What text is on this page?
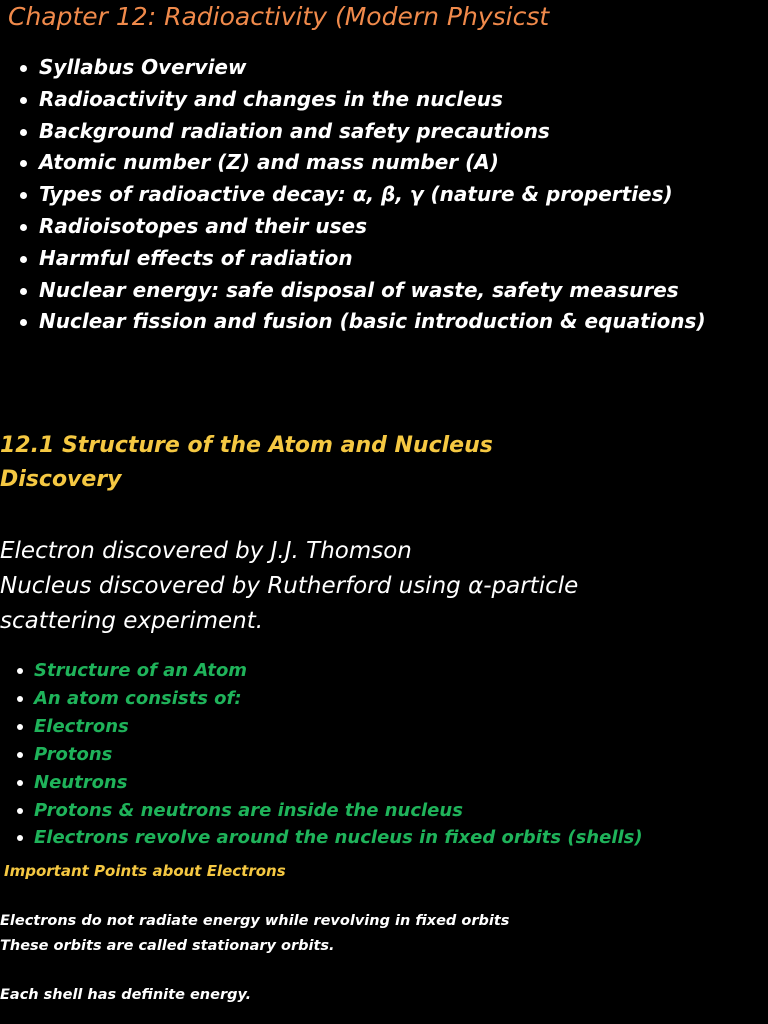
Chapter 12: Radioactivity (Modern Physicst
Syllabus Overview
Radioactivity and changes in the nucleus
Background radiation and safety precautions
Atomic number (Z) and mass number (A)
Types of radioactive decay: α, β, γ (nature & properties)
Radioisotopes and their uses
Harmful effects of radiation
Nuclear energy: safe disposal of waste, safety measures
Nuclear fission and fusion (basic introduction & equations)
12.1 Structure of the Atom and Nucleus
Discovery
Electron discovered by J.J. Thomson
Nucleus discovered by Rutherford using α-particle
scattering experiment.
Structure of an Atom
An atom consists of:
Electrons
Protons
Neutrons
Protons & neutrons are inside the nucleus
Electrons revolve around the nucleus in fixed orbits (shells)
Important Points about Electrons
Electrons do not radiate energy while revolving in fixed orbits
These orbits are called stationary orbits.
Each shell has definite energy.
